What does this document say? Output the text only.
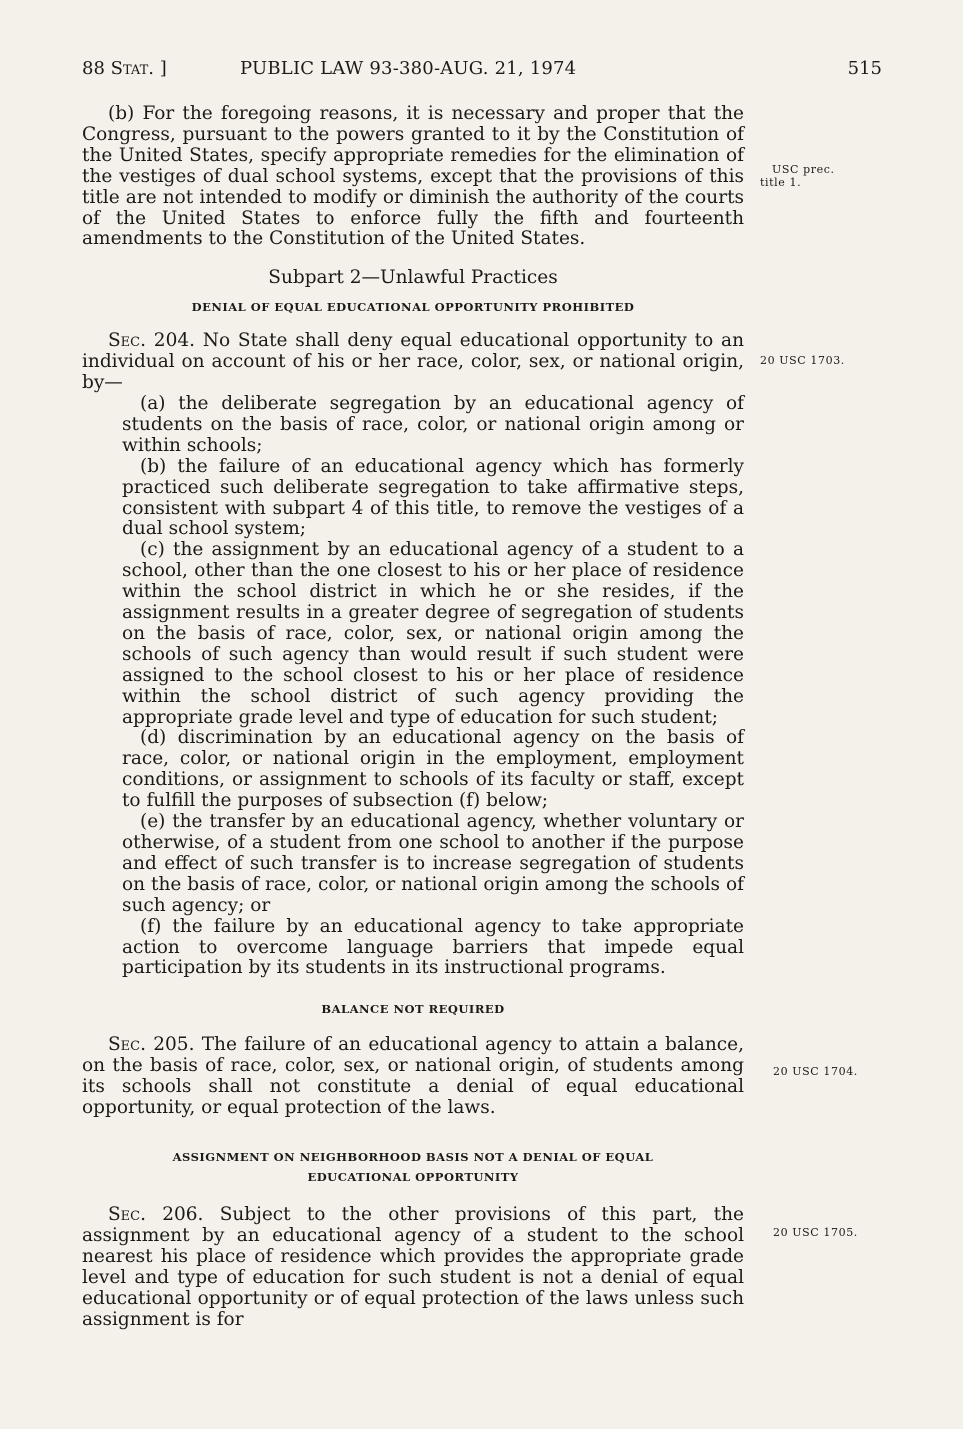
88 Stat. ]	PUBLIC LAW 93-380-AUG. 21, 1974	515

(b) For the foregoing reasons, it is necessary and proper that the Congress, pursuant to the powers granted to it by the Constitution of the United States, specify appropriate remedies for the elimination of the vestiges of dual school systems, except that the provisions of this title are not intended to modify or diminish the authority of the courts of the United States to enforce fully the fifth and fourteenth amendments to the Constitution of the United States.

Subpart 2—Unlawful Practices
DENIAL OF EQUAL EDUCATIONAL OPPORTUNITY PROHIBITED

Sec. 204. No State shall deny equal educational opportunity to an individual on account of his or her race, color, sex, or national origin, by—

(a) the deliberate segregation by an educational agency of students on the basis of race, color, or national origin among or within schools;

(b) the failure of an educational agency which has formerly practiced such deliberate segregation to take affirmative steps, consistent with subpart 4 of this title, to remove the vestiges of a dual school system;

(c) the assignment by an educational agency of a student to a school, other than the one closest to his or her place of residence within the school district in which he or she resides, if the assignment results in a greater degree of segregation of students on the basis of race, color, sex, or national origin among the schools of such agency than would result if such student were assigned to the school closest to his or her place of residence within the school district of such agency providing the appropriate grade level and type of education for such student;

(d) discrimination by an educational agency on the basis of race, color, or national origin in the employment, employment conditions, or assignment to schools of its faculty or staff, except to fulfill the purposes of subsection (f) below;

(e) the transfer by an educational agency, whether voluntary or otherwise, of a student from one school to another if the purpose and effect of such transfer is to increase segregation of students on the basis of race, color, or national origin among the schools of such agency; or

(f) the failure by an educational agency to take appropriate action to overcome language barriers that impede equal participation by its students in its instructional programs.

BALANCE NOT REQUIRED

Sec. 205. The failure of an educational agency to attain a balance, on the basis of race, color, sex, or national origin, of students among its schools shall not constitute a denial of equal educational opportunity, or equal protection of the laws.

ASSIGNMENT ON NEIGHBORHOOD BASIS NOT A DENIAL OF EQUAL
EDUCATIONAL OPPORTUNITY

Sec. 206. Subject to the other provisions of this part, the assignment by an educational agency of a student to the school nearest his place of residence which provides the appropriate grade level and type of education for such student is not a denial of equal educational opportunity or of equal protection of the laws unless such assignment is for

USC prec.
title 1.
20 USC 1703.
20 USC 1704.
20 USC 1705.
